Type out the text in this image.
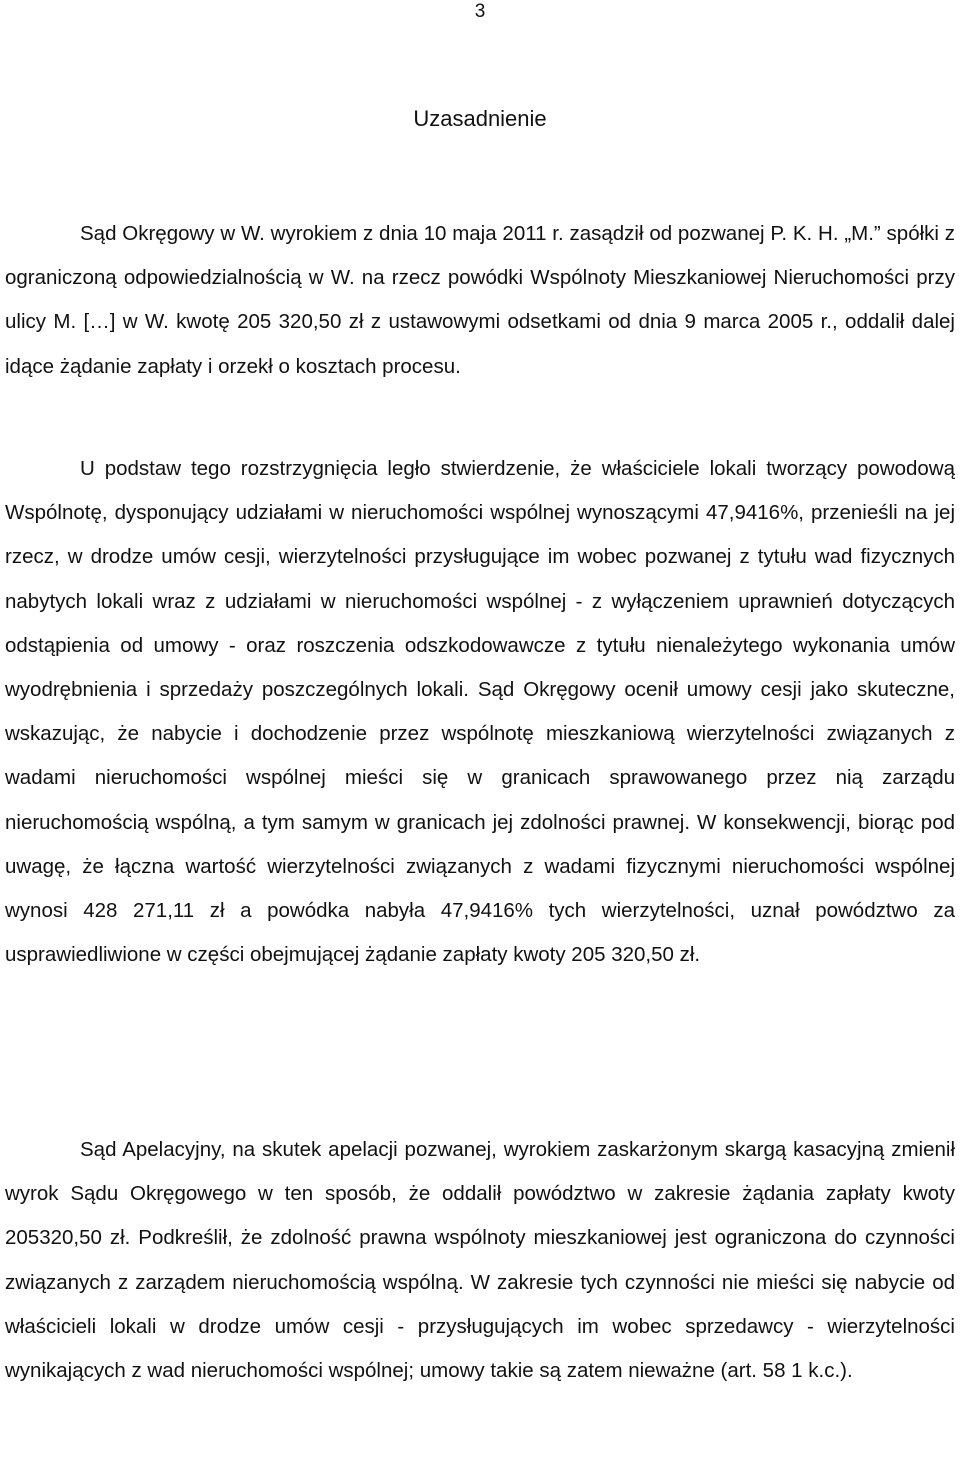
3
Uzasadnienie

Sąd Okręgowy w W. wyrokiem z dnia 10 maja 2011 r. zasądził od pozwanej P. K. H. „M.” spółki z ograniczoną odpowiedzialnością w W. na rzecz powódki Wspólnoty Mieszkaniowej Nieruchomości przy ulicy M. […] w W. kwotę 205 320,50 zł z ustawowymi odsetkami od dnia 9 marca 2005 r., oddalił dalej idące żądanie zapłaty i orzekł o kosztach procesu.

U podstaw tego rozstrzygnięcia legło stwierdzenie, że właściciele lokali tworzący powodową Wspólnotę, dysponujący udziałami w nieruchomości wspólnej wynoszącymi 47,9416%, przenieśli na jej rzecz, w drodze umów cesji, wierzytelności przysługujące im wobec pozwanej z tytułu wad fizycznych nabytych lokali wraz z udziałami w nieruchomości wspólnej - z wyłączeniem uprawnień dotyczących odstąpienia od umowy - oraz roszczenia odszkodowawcze z tytułu nienależytego wykonania umów wyodrębnienia i sprzedaży poszczególnych lokali. Sąd Okręgowy ocenił umowy cesji jako skuteczne, wskazując, że nabycie i dochodzenie przez wspólnotę mieszkaniową wierzytelności związanych z wadami nieruchomości wspólnej mieści się w granicach sprawowanego przez nią zarządu nieruchomością wspólną, a tym samym w granicach jej zdolności prawnej. W konsekwencji, biorąc pod uwagę, że łączna wartość wierzytelności związanych z wadami fizycznymi nieruchomości wspólnej wynosi 428 271,11 zł a powódka nabyła 47,9416% tych wierzytelności, uznał powództwo za usprawiedliwione w części obejmującej żądanie zapłaty kwoty 205 320,50 zł.

Sąd Apelacyjny, na skutek apelacji pozwanej, wyrokiem zaskarżonym skargą kasacyjną zmienił wyrok Sądu Okręgowego w ten sposób, że oddalił powództwo w zakresie żądania zapłaty kwoty 205320,50 zł. Podkreślił, że zdolność prawna wspólnoty mieszkaniowej jest ograniczona do czynności związanych z zarządem nieruchomością wspólną. W zakresie tych czynności nie mieści się nabycie od właścicieli lokali w drodze umów cesji - przysługujących im wobec sprzedawcy - wierzytelności wynikających z wad nieruchomości wspólnej; umowy takie są zatem nieważne (art. 58 1 k.c.).
